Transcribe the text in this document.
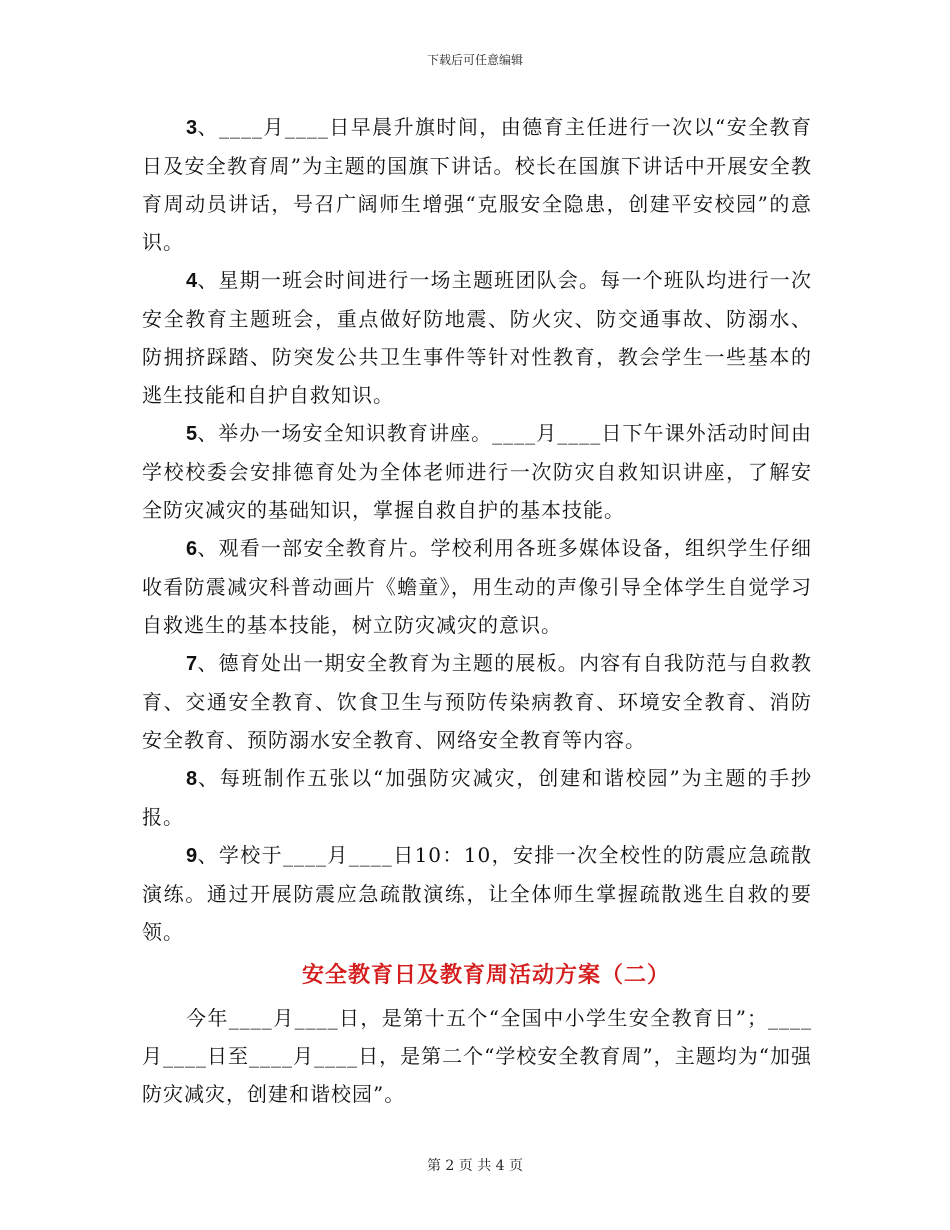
下载后可任意编辑

3、____月____日早晨升旗时间，由德育主任进行一次以“安全教育日及安全教育周”为主题的国旗下讲话。校长在国旗下讲话中开展安全教育周动员讲话，号召广阔师生增强“克服安全隐患，创建平安校园”的意识。

4、星期一班会时间进行一场主题班团队会。每一个班队均进行一次安全教育主题班会，重点做好防地震、防火灾、防交通事故、防溺水、防拥挤踩踏、防突发公共卫生事件等针对性教育，教会学生一些基本的逃生技能和自护自救知识。

5、举办一场安全知识教育讲座。____月____日下午课外活动时间由学校校委会安排德育处为全体老师进行一次防灾自救知识讲座，了解安全防灾减灾的基础知识，掌握自救自护的基本技能。

6、观看一部安全教育片。学校利用各班多媒体设备，组织学生仔细收看防震减灾科普动画片《蟾童》，用生动的声像引导全体学生自觉学习自救逃生的基本技能，树立防灾减灾的意识。

7、德育处出一期安全教育为主题的展板。内容有自我防范与自救教育、交通安全教育、饮食卫生与预防传染病教育、环境安全教育、消防安全教育、预防溺水安全教育、网络安全教育等内容。

8、每班制作五张以“加强防灾减灾，创建和谐校园”为主题的手抄报。

9、学校于____月____日10：10，安排一次全校性的防震应急疏散演练。通过开展防震应急疏散演练，让全体师生掌握疏散逃生自救的要领。

安全教育日及教育周活动方案（二）

今年____月____日，是第十五个“全国中小学生安全教育日”；____月____日至____月____日，是第二个“学校安全教育周”，主题均为“加强防灾减灾，创建和谐校园”。

第 2 页 共 4 页
